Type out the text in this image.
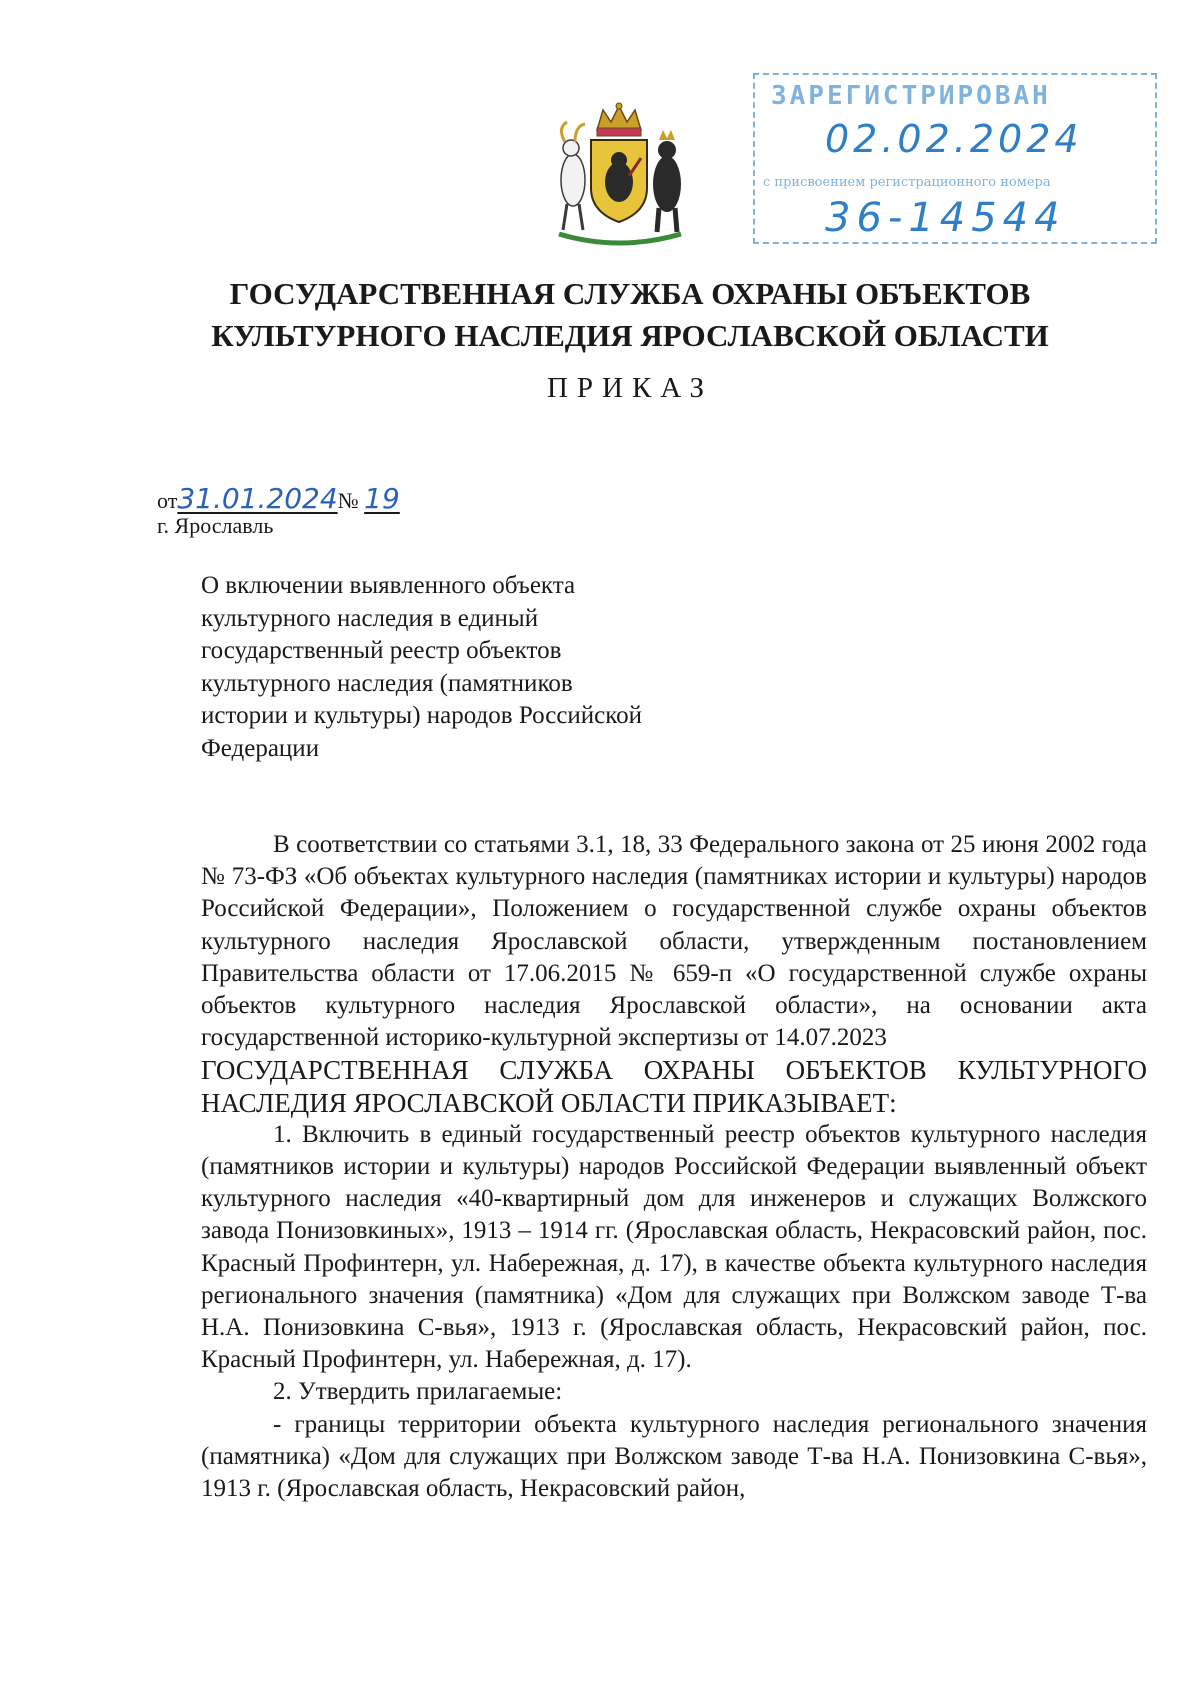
ЗАРЕГИСТРИРОВАН
02.02.2024
с присвоением регистрационного номера
36-14544
ГОСУДАРСТВЕННАЯ СЛУЖБА ОХРАНЫ ОБЪЕКТОВ
КУЛЬТУРНОГО НАСЛЕДИЯ ЯРОСЛАВСКОЙ ОБЛАСТИ
ПРИКАЗ
от31.01.2024№ 19
г. Ярославль
О включении выявленного объекта культурного наследия в единый государственный реестр объектов культурного наследия (памятников истории и культуры) народов Российской Федерации

В соответствии со статьями 3.1, 18, 33 Федерального закона от 25 июня 2002 года № 73-ФЗ «Об объектах культурного наследия (памятниках истории и культуры) народов Российской Федерации», Положением о государственной службе охраны объектов культурного наследия Ярославской области, утвержденным постановлением Правительства области от 17.06.2015 № 659-п «О государственной службе охраны объектов культурного наследия Ярославской области», на основании акта государственной историко-культурной экспертизы от 14.07.2023

ГОСУДАРСТВЕННАЯ СЛУЖБА ОХРАНЫ ОБЪЕКТОВ КУЛЬТУРНОГО НАСЛЕДИЯ ЯРОСЛАВСКОЙ ОБЛАСТИ ПРИКАЗЫВАЕТ:

1. Включить в единый государственный реестр объектов культурного наследия (памятников истории и культуры) народов Российской Федерации выявленный объект культурного наследия «40-квартирный дом для инженеров и служащих Волжского завода Понизовкиных», 1913 – 1914 гг. (Ярославская область, Некрасовский район, пос. Красный Профинтерн, ул. Набережная, д. 17), в качестве объекта культурного наследия регионального значения (памятника) «Дом для служащих при Волжском заводе Т-ва Н.А. Понизовкина С-вья», 1913 г. (Ярославская область, Некрасовский район, пос. Красный Профинтерн, ул. Набережная, д. 17).

2. Утвердить прилагаемые:

- границы территории объекта культурного наследия регионального значения (памятника) «Дом для служащих при Волжском заводе Т-ва Н.А. Понизовкина С-вья», 1913 г. (Ярославская область, Некрасовский район,
